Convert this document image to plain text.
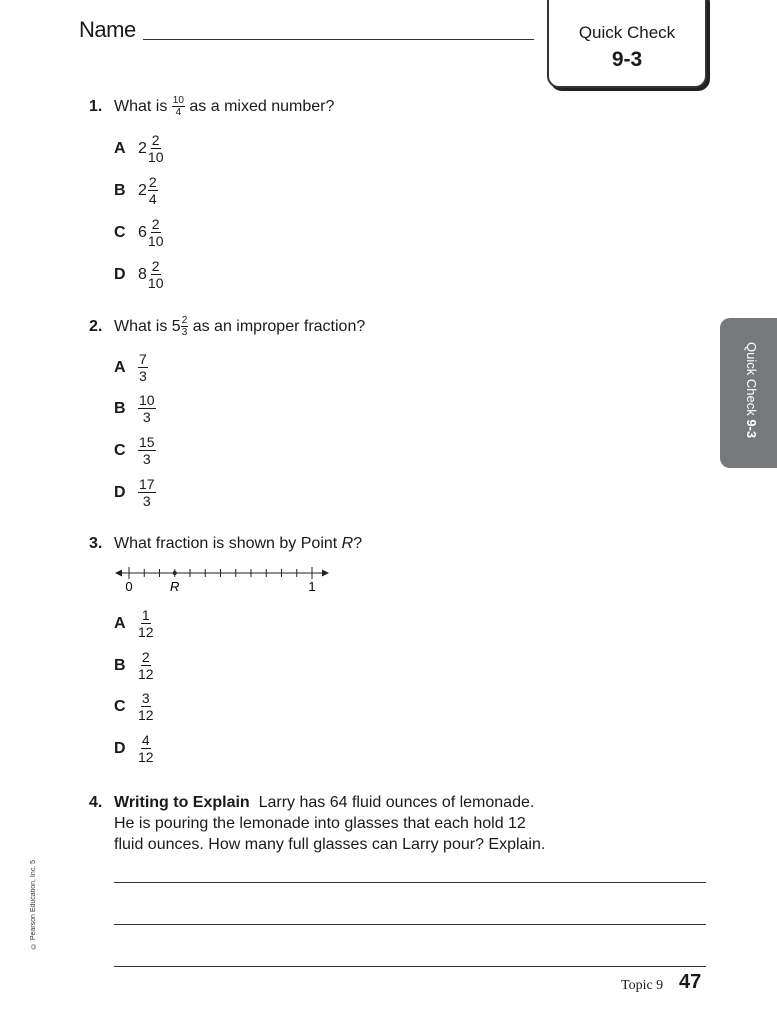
Name	Quick Check
9-3
Quick Check 9-3
1. What is
$\frac{10}{4}$
as a mixed number?
A $2 \frac{2}{10}$
B $2 \frac{2}{4}$
C $6 \frac{2}{10}$
D $8 \frac{2}{10}$
2. What is $5 \frac{2}{3}$
as an improper fraction?
A $\frac{7}{3}$
B $\frac{10}{3}$
C $\frac{15}{3}$
D $\frac{17}{3}$
3. What fraction is shown by Point
R ?
0	R	1
A $\frac{1}{12}$
B $\frac{2}{12}$
C $\frac{3}{12}$
D $\frac{4}{12}$
4. Writing to Explain Larry has 64 fluid ounces of lemonade.
He is pouring the lemonade into glasses that each hold 12
fluid ounces. How many full glasses can Larry pour? Explain.
© Pearson Education, Inc. 5
Topic 9 47
